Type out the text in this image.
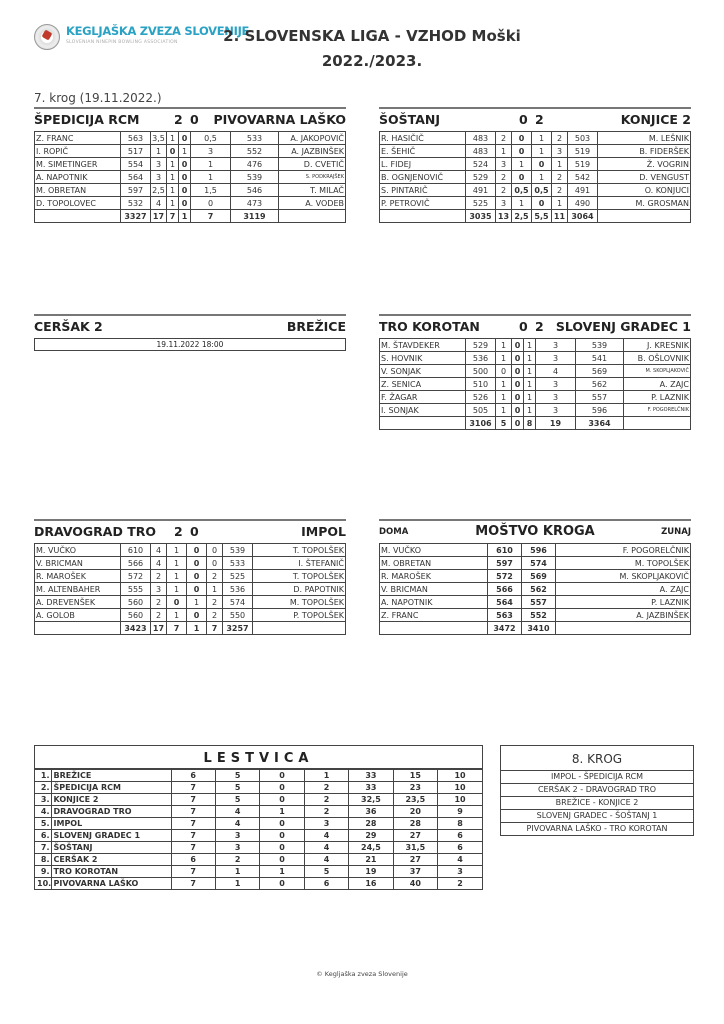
KEGLJAŠKA ZVEZA SLOVENIJE
SLOVENIAN NINEPIN BOWLING ASSOCIATION	2. SLOVENSKA LIGA - VZHOD Moški
2022./2023.
7. krog (19.11.2022.)
ŠPEDICIJA RCM	2 0 PIVOVARNA LAŠKO
Z. FRANC	563	3,5	1	0	0,5	533	A. JAKOPOVIČ
I. ROPIČ	517	1	0	1	3	552	A. JAZBINŠEK
M. SIMETINGER	554	3	1	0	1	476	D. CVETIČ
A. NAPOTNIK	564	3	1	0	1	539	S. PODKRAJŠEK
M. OBRETAN	597	2,5	1	0	1,5	546	T. MILAČ
D. TOPOLOVEC	532	4	1	0	0	473	A. VODEB
	3327	17	7	1	7	3119	
ŠOŠTANJ	0 2	KONJICE 2
R. HASIČIČ	483	2	0	1	2	503	M. LEŠNIK
E. ŠEHIČ	483	1	0	1	3	519	B. FIDERŠEK
L. FIDEJ	524	3	1	0	1	519	Ž. VOGRIN
B. OGNJENOVIČ	529	2	0	1	2	542	D. VENGUST
S. PINTARIČ	491	2	0,5	0,5	2	491	O. KONJUCI
P. PETROVIČ	525	3	1	0	1	490	M. GROSMAN
	3035	13	2,5	5,5	11	3064	
CERŠAK 2	BREŽICE
19.11.2022 18:00
TRO KOROTAN	0 2 SLOVENJ GRADEC 1
M. ŠTAVDEKER	529	1	0	1	3	539	J. KRESNIK
S. HOVNIK	536	1	0	1	3	541	B. OŠLOVNIK
V. SONJAK	500	0	0	1	4	569	M. SKOPLJAKOVIČ
Z. SENICA	510	1	0	1	3	562	A. ZAJC
F. ŽAGAR	526	1	0	1	3	557	P. LAZNIK
I. SONJAK	505	1	0	1	3	596	F. POGORELČNIK
	3106	5	0	8	19	3364	
DRAVOGRAD TRO 2 0	IMPOL
M. VUČKO	610	4	1	0	0	539	T. TOPOLŠEK
V. BRICMAN	566	4	1	0	0	533	I. ŠTEFANIČ
R. MAROŠEK	572	2	1	0	2	525	T. TOPOLŠEK
M. ALTENBAHER	555	3	1	0	1	536	D. PAPOTNIK
A. DREVENŠEK	560	2	0	1	2	574	M. TOPOLŠEK
A. GOLOB	560	2	1	0	2	550	P. TOPOLŠEK
	3423	17	7	1	7	3257	
DOMA	MOŠTVO KROGA	ZUNAJ
M. VUČKO	610	596	F. POGORELČNIK
M. OBRETAN	597	574	M. TOPOLŠEK
R. MAROŠEK	572	569	M. SKOPLJAKOVIČ
V. BRICMAN	566	562	A. ZAJC
A. NAPOTNIK	564	557	P. LAZNIK
Z. FRANC	563	552	A. JAZBINŠEK
	3472	3410	
LESTVICA
1.	BREŽICE	6	5	0	1	33	15	10
2.	ŠPEDICIJA RCM	7	5	0	2	33	23	10
3.	KONJICE 2	7	5	0	2	32,5	23,5	10
4.	DRAVOGRAD TRO	7	4	1	2	36	20	9
5.	IMPOL	7	4	0	3	28	28	8
6.	SLOVENJ GRADEC 1	7	3	0	4	29	27	6
7.	ŠOŠTANJ	7	3	0	4	24,5	31,5	6
8.	CERŠAK 2	6	2	0	4	21	27	4
9.	TRO KOROTAN	7	1	1	5	19	37	3
10.	PIVOVARNA LAŠKO	7	1	0	6	16	40	2
8. KROG
IMPOL - ŠPEDICIJA RCM
CERŠAK 2 - DRAVOGRAD TRO
BREŽICE - KONJICE 2
SLOVENJ GRADEC - ŠOŠTANJ 1
PIVOVARNA LAŠKO - TRO KOROTAN
© Kegljaška zveza Slovenije
